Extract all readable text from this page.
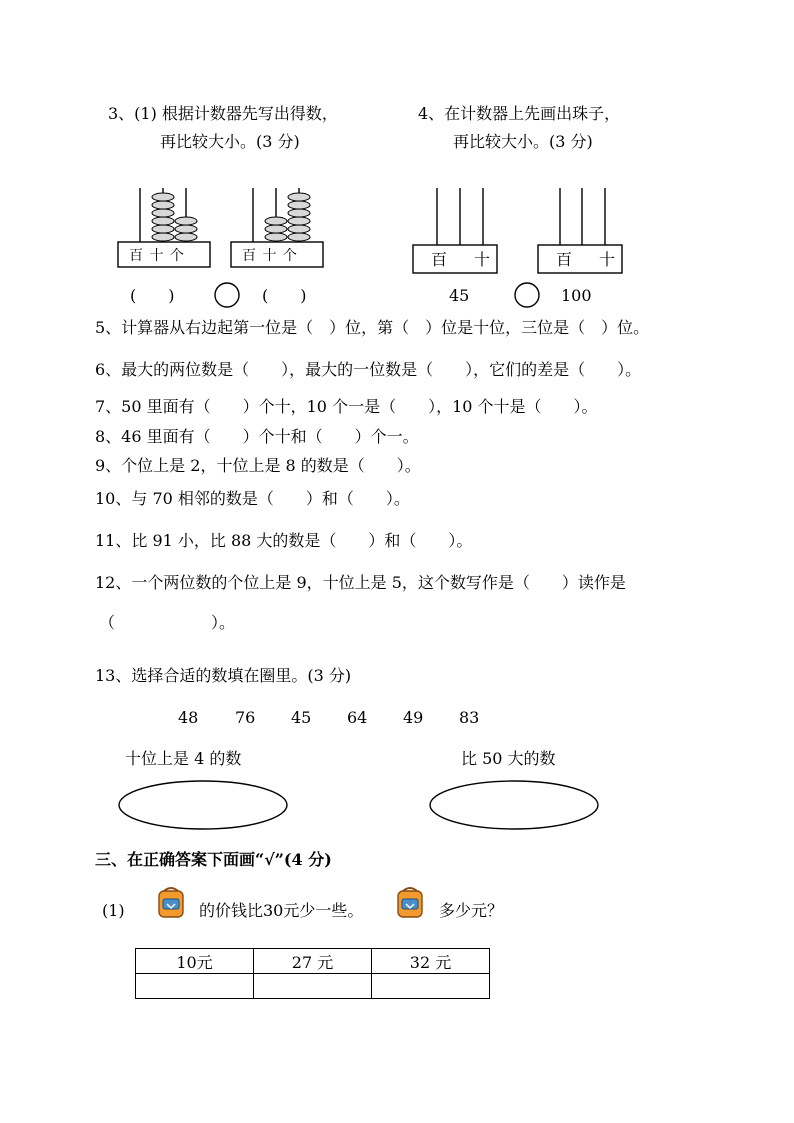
3、(1) 根据计数器先写出得数，
再比较大小。(3 分)
4、在计数器上先画出珠子，
再比较大小。(3 分)
百 十 个	百 十 个	百 十	百 十
(　　)	(　　)	45	100
5、计算器从右边起第一位是（　）位，第（　）位是十位，三位是（　）位。
6、最大的两位数是（　　），最大的一位数是（　　），它们的差是（　　）。
7、50 里面有（　　）个十，10 个一是（　　），10 个十是（　　）。
8、46 里面有（　　）个十和（　　）个一。
9、个位上是 2，十位上是 8 的数是（　　）。
10、与 70 相邻的数是（　　）和（　　）。
11、比 91 小，比 88 大的数是（　　）和（　　）。
12、一个两位数的个位上是 9，十位上是 5，这个数写作是（　　）读作是
（　　　　　　）。
13、选择合适的数填在圈里。(3 分)
48 76 45 64 49 83
十位上是 4 的数	比 50 大的数
三、在正确答案下面画“√”(4 分)
(1)	的价钱比30元少一些。	多少元？
10元	27 元	32 元
